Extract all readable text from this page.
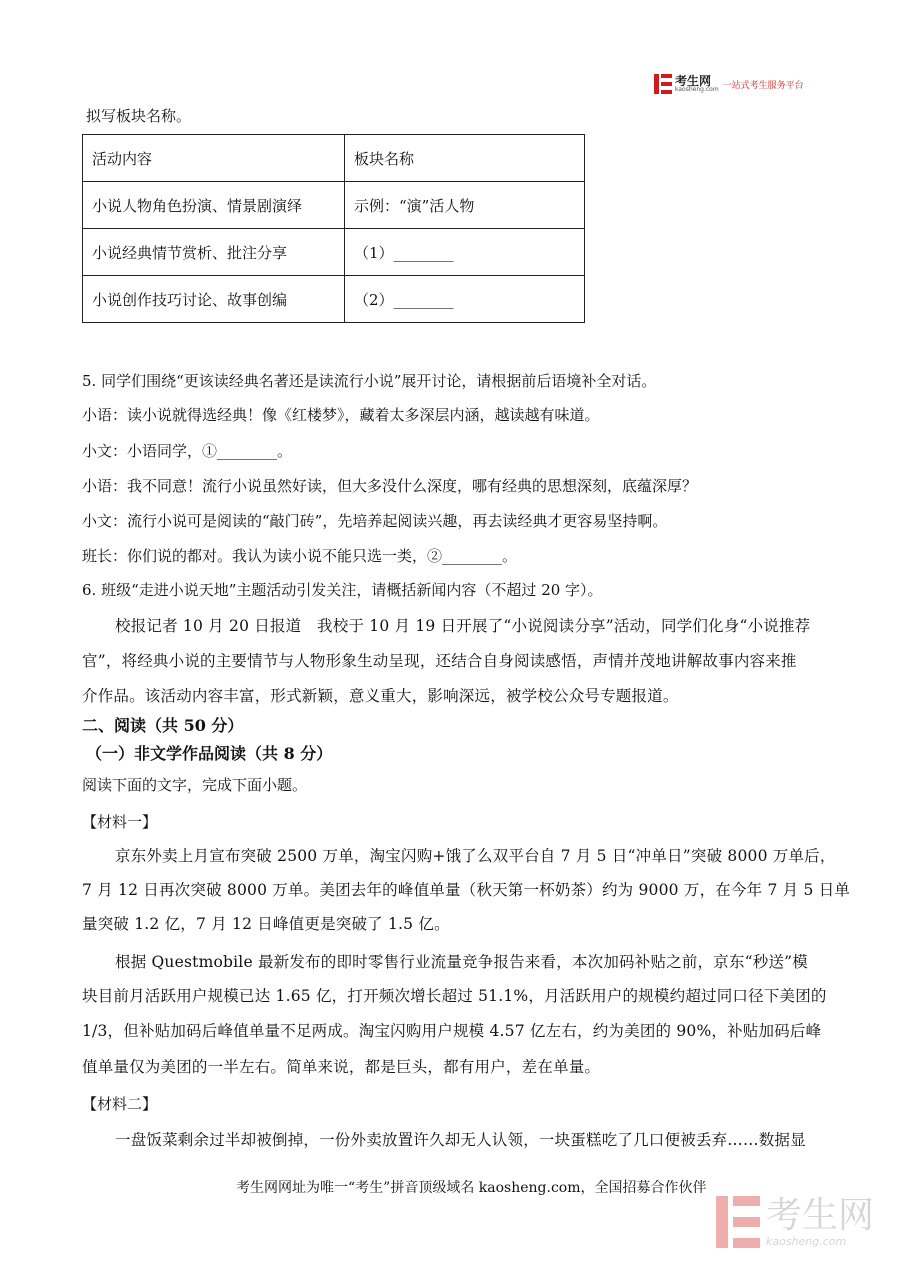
考生网
kaosheng.com 一站式考生服务平台
拟写板块名称。
活动内容	板块名称
小说人物角色扮演、情景剧演绎	示例：“演”活人物
小说经典情节赏析、批注分享	（1）________
小说创作技巧讨论、故事创编	（2）________
5. 同学们围绕“更该读经典名著还是读流行小说”展开讨论，请根据前后语境补全对话。
小语：读小说就得选经典！像《红楼梦》，藏着太多深层内涵，越读越有味道。
小文：小语同学，①________。
小语：我不同意！流行小说虽然好读，但大多没什么深度，哪有经典的思想深刻，底蕴深厚？
小文：流行小说可是阅读的“敲门砖”，先培养起阅读兴趣，再去读经典才更容易坚持啊。
班长：你们说的都对。我认为读小说不能只选一类，②________。
6. 班级“走进小说天地”主题活动引发关注，请概括新闻内容（不超过 20 字）。
校报记者 10 月 20 日报道　我校于 10 月 19 日开展了“小说阅读分享”活动，同学们化身“小说推荐
官”，将经典小说的主要情节与人物形象生动呈现，还结合自身阅读感悟，声情并茂地讲解故事内容来推
介作品。该活动内容丰富，形式新颖，意义重大，影响深远，被学校公众号专题报道。
二、阅读（共 50 分）
（一）非文学作品阅读（共 8 分）
阅读下面的文字，完成下面小题。
【材料一】
京东外卖上月宣布突破 2500 万单，淘宝闪购+饿了么双平台自 7 月 5 日“冲单日”突破 8000 万单后，
7 月 12 日再次突破 8000 万单。美团去年的峰值单量（秋天第一杯奶茶）约为 9000 万，在今年 7 月 5 日单
量突破 1.2 亿，7 月 12 日峰值更是突破了 1.5 亿。
根据 Questmobile 最新发布的即时零售行业流量竞争报告来看，本次加码补贴之前，京东“秒送”模
块目前月活跃用户规模已达 1.65 亿，打开频次增长超过 51.1%，月活跃用户的规模约超过同口径下美团的
1/3，但补贴加码后峰值单量不足两成。淘宝闪购用户规模 4.57 亿左右，约为美团的 90%，补贴加码后峰
值单量仅为美团的一半左右。简单来说，都是巨头，都有用户，差在单量。
【材料二】
一盘饭菜剩余过半却被倒掉，一份外卖放置许久却无人认领，一块蛋糕吃了几口便被丢弃……数据显
考生网网址为唯一“考生”拼音顶级域名 kaosheng.com，全国招募合作伙伴
考生网
kaosheng.com
